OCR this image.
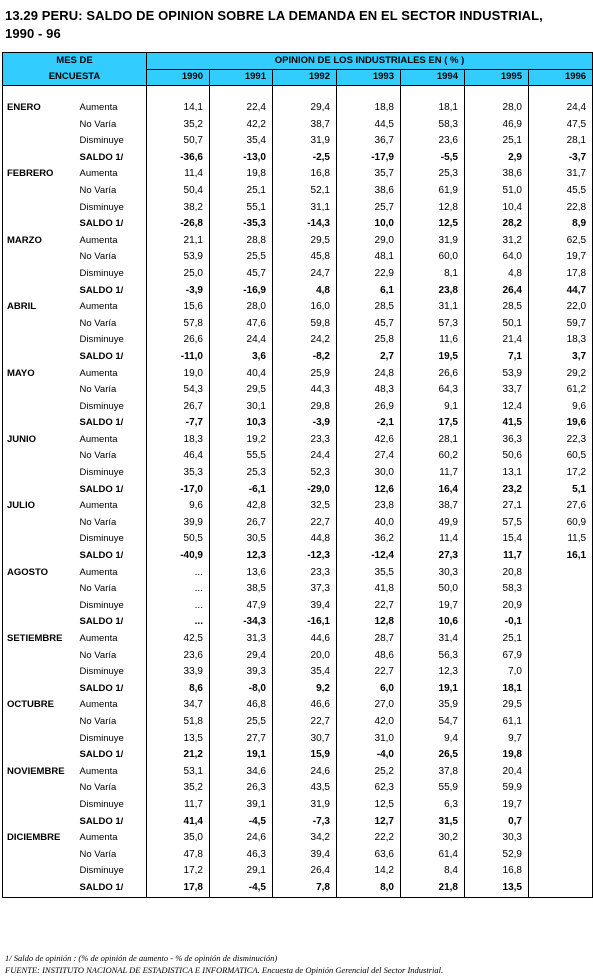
13.29 PERU: SALDO DE OPINION SOBRE LA DEMANDA EN EL SECTOR INDUSTRIAL,
1990 - 96
MES DE
ENCUESTA		OPINION DE LOS INDUSTRIALES EN ( % )						
		1990	1991	1992	1993	1994	1995	1996

ENERO	Aumenta	14,1	22,4	29,4	18,8	18,1	28,0	24,4
	No Varía	35,2	42,2	38,7	44,5	58,3	46,9	47,5
	Disminuye	50,7	35,4	31,9	36,7	23,6	25,1	28,1
	SALDO 1/	-36,6	-13,0	-2,5	-17,9	-5,5	2,9	-3,7
FEBRERO	Aumenta	11,4	19,8	16,8	35,7	25,3	38,6	31,7
	No Varía	50,4	25,1	52,1	38,6	61,9	51,0	45,5
	Disminuye	38,2	55,1	31,1	25,7	12,8	10,4	22,8
	SALDO 1/	-26,8	-35,3	-14,3	10,0	12,5	28,2	8,9
MARZO	Aumenta	21,1	28,8	29,5	29,0	31,9	31,2	62,5
	No Varía	53,9	25,5	45,8	48,1	60,0	64,0	19,7
	Disminuye	25,0	45,7	24,7	22,9	8,1	4,8	17,8
	SALDO 1/	-3,9	-16,9	4,8	6,1	23,8	26,4	44,7
ABRIL	Aumenta	15,6	28,0	16,0	28,5	31,1	28,5	22,0
	No Varía	57,8	47,6	59,8	45,7	57,3	50,1	59,7
	Disminuye	26,6	24,4	24,2	25,8	11,6	21,4	18,3
	SALDO 1/	-11,0	3,6	-8,2	2,7	19,5	7,1	3,7
MAYO	Aumenta	19,0	40,4	25,9	24,8	26,6	53,9	29,2
	No Varía	54,3	29,5	44,3	48,3	64,3	33,7	61,2
	Disminuye	26,7	30,1	29,8	26,9	9,1	12,4	9,6
	SALDO 1/	-7,7	10,3	-3,9	-2,1	17,5	41,5	19,6
JUNIO	Aumenta	18,3	19,2	23,3	42,6	28,1	36,3	22,3
	No Varía	46,4	55,5	24,4	27,4	60,2	50,6	60,5
	Disminuye	35,3	25,3	52,3	30,0	11,7	13,1	17,2
	SALDO 1/	-17,0	-6,1	-29,0	12,6	16,4	23,2	5,1
JULIO	Aumenta	9,6	42,8	32,5	23,8	38,7	27,1	27,6
	No Varía	39,9	26,7	22,7	40,0	49,9	57,5	60,9
	Disminuye	50,5	30,5	44,8	36,2	11,4	15,4	11,5
	SALDO 1/	-40,9	12,3	-12,3	-12,4	27,3	11,7	16,1
AGOSTO	Aumenta	...	13,6	23,3	35,5	30,3	20,8	
	No Varía	...	38,5	37,3	41,8	50,0	58,3	
	Disminuye	...	47,9	39,4	22,7	19,7	20,9	
	SALDO 1/	...	-34,3	-16,1	12,8	10,6	-0,1	
SETIEMBRE	Aumenta	42,5	31,3	44,6	28,7	31,4	25,1	
	No Varía	23,6	29,4	20,0	48,6	56,3	67,9	
	Disminuye	33,9	39,3	35,4	22,7	12,3	7,0	
	SALDO 1/	8,6	-8,0	9,2	6,0	19,1	18,1	
OCTUBRE	Aumenta	34,7	46,8	46,6	27,0	35,9	29,5	
	No Varía	51,8	25,5	22,7	42,0	54,7	61,1	
	Disminuye	13,5	27,7	30,7	31,0	9,4	9,7	
	SALDO 1/	21,2	19,1	15,9	-4,0	26,5	19,8	
NOVIEMBRE	Aumenta	53,1	34,6	24,6	25,2	37,8	20,4	
	No Varía	35,2	26,3	43,5	62,3	55,9	59,9	
	Disminuye	11,7	39,1	31,9	12,5	6,3	19,7	
	SALDO 1/	41,4	-4,5	-7,3	12,7	31,5	0,7	
DICIEMBRE	Aumenta	35,0	24,6	34,2	22,2	30,2	30,3	
	No Varía	47,8	46,3	39,4	63,6	61,4	52,9	
	Disminuye	17,2	29,1	26,4	14,2	8,4	16,8	
	SALDO 1/	17,8	-4,5	7,8	8,0	21,8	13,5	
1/ Saldo de opinión : (% de opinión de aumento - % de opinión de disminución)
FUENTE: INSTITUTO NACIONAL DE ESTADISTICA E INFORMATICA. Encuesta de Opinión Gerencial del Sector Industrial.
